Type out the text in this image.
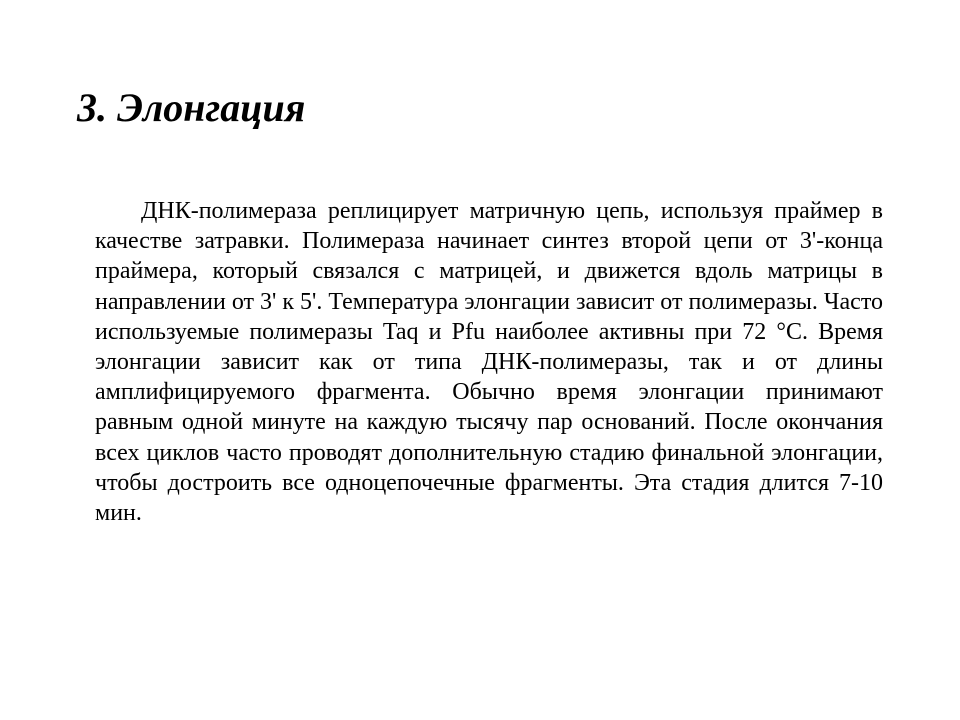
3. Элонгация

ДНК-полимераза реплицирует матричную цепь, используя праймер в качестве затравки. Полимераза начинает синтез второй цепи от 3'-конца праймера, который связался с матрицей, и движется вдоль матрицы в направлении от 3' к 5'. Температура элонгации зависит от полимеразы. Часто используемые полимеразы Taq и Pfu наиболее активны при 72 °С. Время элонгации зависит как от типа ДНК-полимеразы, так и от длины амплифицируемого фрагмента. Обычно время элонгации принимают равным одной минуте на каждую тысячу пар оснований. После окончания всех циклов часто проводят дополнительную стадию финальной элонгации, чтобы достроить все одноцепочечные фрагменты. Эта стадия длится 7-10 мин.
